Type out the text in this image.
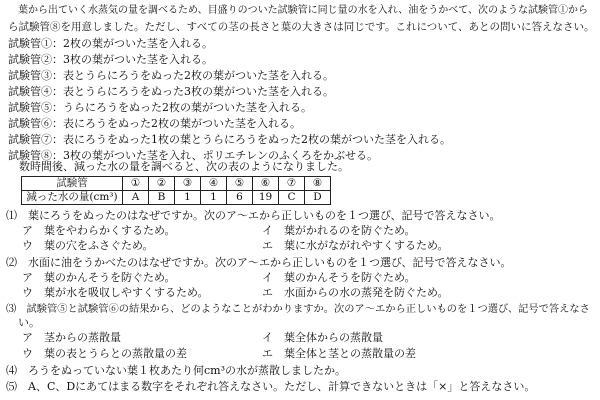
　葉から出ていく水蒸気の量を調べるため、目盛りのついた試験管に同じ量の水を入れ、油をうかべて、次のような試験管①から
ら試験管⑧を用意しました。ただし、すべての茎の長さと葉の大きさは同じです。これについて、あとの問いに答えなさい。
試験管①：2枚の葉がついた茎を入れる。
試験管②：3枚の葉がついた茎を入れる。
試験管③：表とうらにろうをぬった2枚の葉がついた茎を入れる。
試験管④：表とうらにろうをぬった3枚の葉がついた茎を入れる。
試験管⑤：うらにろうをぬった2枚の葉がついた茎を入れる。
試験管⑥：表にろうをぬった2枚の葉がついた茎を入れる。
試験管⑦：表にろうをぬった1枚の葉とうらにろうをぬった2枚の葉がついた茎を入れる。
試験管⑧：3枚の葉がついた茎を入れ、ポリエチレンのふくろをかぶせる。
　数時間後、減った水の量を調べると、次の表のようになりました。
試験管	①	②	③	④	⑤	⑥	⑦	⑧
減った水の量(cm³)	A	B	1	1	6	19	C	D
⑴　葉にろうをぬったのはなぜですか。次のア〜エから正しいものを１つ選び、記号で答えなさい。
ア　葉をやわらかくするため。	イ　葉がかれるのを防ぐため。
ウ　葉の穴をふさぐため。	エ　葉に水がながれやすくするため。
⑵　水面に油をうかべたのはなぜですか。次のア〜エから正しいものを１つ選び、記号で答えなさい。
ア　葉のかんそうを防ぐため。	イ　葉のかんそうを防ぐため。
ウ　葉が水を吸収しやすくするため。	エ　水面からの水の蒸発を防ぐため。
⑶　試験管⑤と試験管⑥の結果から、どのようなことがわかりますか。次のア〜エから正しいものを１つ選び、記号で答えなさ
い。
ア　茎からの蒸散量	イ　葉全体からの蒸散量
ウ　葉の表とうらとの蒸散量の差	エ　葉全体と茎との蒸散量の差
⑷　ろうをぬっていない葉１枚あたり何cm³の水が蒸散しましたか。
⑸　A、C、Dにあてはまる数字をそれぞれ答えなさい。ただし、計算できないときは「×」と答えなさい。
